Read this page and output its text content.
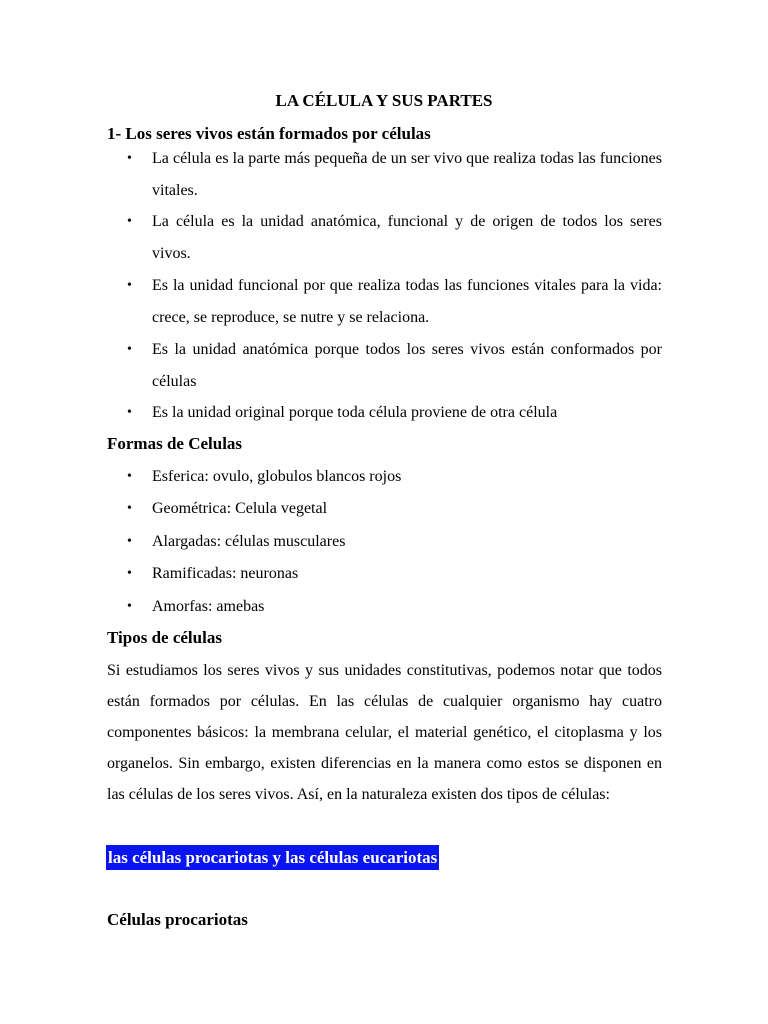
LA CÉLULA Y SUS PARTES
1- Los seres vivos están formados por células
• La célula es la parte más pequeña de un ser vivo que realiza todas las funciones vitales.
• La célula es la unidad anatómica, funcional y de origen de todos los seres vivos.
• Es la unidad funcional por que realiza todas las funciones vitales para la vida: crece, se reproduce, se nutre y se relaciona.
• Es la unidad anatómica porque todos los seres vivos están conformados por células
• Es la unidad original porque toda célula proviene de otra célula
Formas de Celulas
• Esferica: ovulo, globulos blancos rojos
• Geométrica: Celula vegetal
• Alargadas: células musculares
• Ramificadas: neuronas
• Amorfas: amebas
Tipos de células

Si estudiamos los seres vivos y sus unidades constitutivas, podemos notar que todos están formados por células. En las células de cualquier organismo hay cuatro componentes básicos: la membrana celular, el material genético, el citoplasma y los organelos. Sin embargo, existen diferencias en la manera como estos se disponen en las células de los seres vivos. Así, en la naturaleza existen dos tipos de células:

las células procariotas y las células eucariotas

Células procariotas
